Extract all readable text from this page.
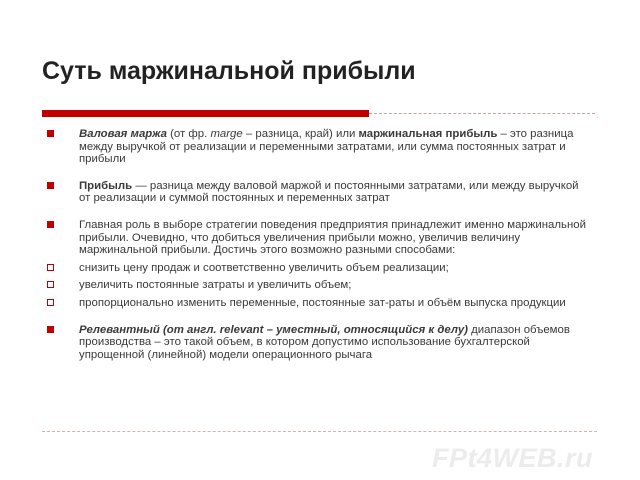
Суть маржинальной прибыли
.
Валовая маржа (от фр. marge – разница, край) или маржинальная прибыль – это разница между выручкой от реализации и переменными затратами, или сумма постоянных затрат и прибыли
Прибыль — разница между валовой маржой и постоянными затратами, или между выручкой от реализации и суммой постоянных и переменных затрат
Главная роль в выборе стратегии поведения предприятия принадлежит именно маржинальной прибыли. Очевидно, что добиться увеличения прибыли можно, увеличив величину маржинальной прибыли. Достичь этого возможно разными способами:
снизить цену продаж и соответственно увеличить объем реализации;
увеличить постоянные затраты и увеличить объем;
пропорционально изменить переменные, постоянные зат-раты и объём выпуска продукции
Релевантный (от англ. relevant – уместный, относящийся к делу) диапазон объемов производства – это такой объем, в котором допустимо использование бухгалтерской упрощенной (линейной) модели операционного рычага
FPt4WEB.ru
